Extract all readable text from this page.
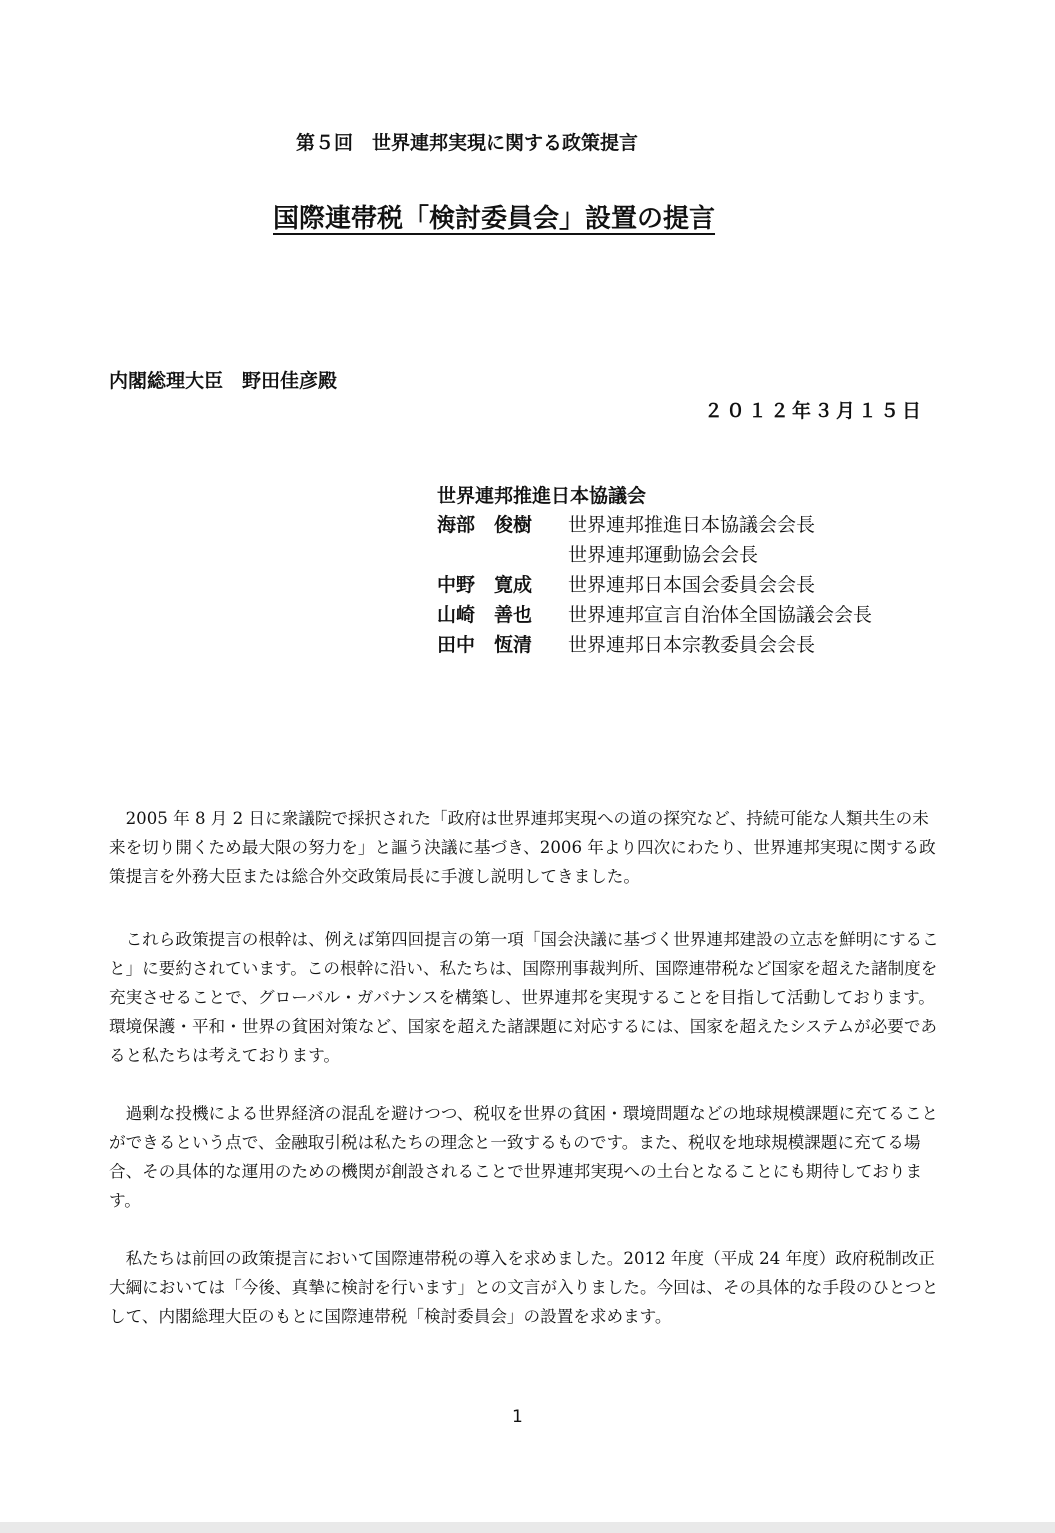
第５回　世界連邦実現に関する政策提言
国際連帯税「検討委員会」設置の提言
内閣総理大臣　野田佳彦殿
２０１２年３月１５日
世界連邦推進日本協議会
海部　俊樹 世界連邦推進日本協議会会長
世界連邦運動協会会長
中野　寛成 世界連邦日本国会委員会会長
山崎　善也 世界連邦宣言自治体全国協議会会長
田中　恆清 世界連邦日本宗教委員会会長

2005 年 8 月 2 日に衆議院で採択された「政府は世界連邦実現への道の探究など、持続可能な人類共生の未来を切り開くため最大限の努力を」と謳う決議に基づき、2006 年より四次にわたり、世界連邦実現に関する政策提言を外務大臣または総合外交政策局長に手渡し説明してきました。

これら政策提言の根幹は、例えば第四回提言の第一項「国会決議に基づく世界連邦建設の立志を鮮明にすること」に要約されています。この根幹に沿い、私たちは、国際刑事裁判所、国際連帯税など国家を超えた諸制度を充実させることで、グローバル・ガバナンスを構築し、世界連邦を実現することを目指して活動しております。環境保護・平和・世界の貧困対策など、国家を超えた諸課題に対応するには、国家を超えたシステムが必要であると私たちは考えております。

過剰な投機による世界経済の混乱を避けつつ、税収を世界の貧困・環境問題などの地球規模課題に充てることができるという点で、金融取引税は私たちの理念と一致するものです。また、税収を地球規模課題に充てる場合、その具体的な運用のための機関が創設されることで世界連邦実現への土台となることにも期待しております。

私たちは前回の政策提言において国際連帯税の導入を求めました。2012 年度（平成 24 年度）政府税制改正大綱においては「今後、真摯に検討を行います」との文言が入りました。今回は、その具体的な手段のひとつとして、内閣総理大臣のもとに国際連帯税「検討委員会」の設置を求めます。

1
